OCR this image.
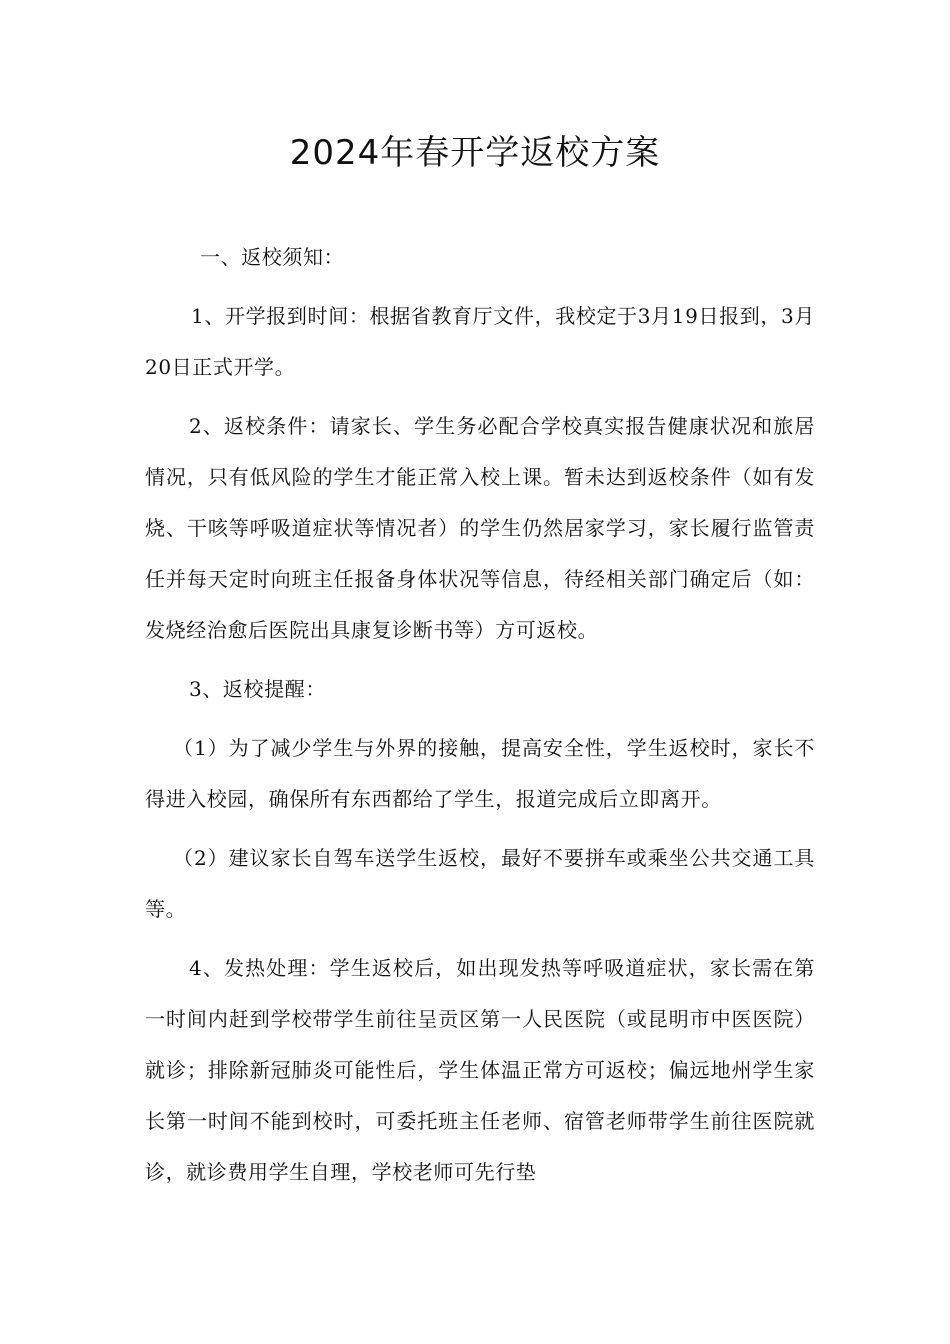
2024年春开学返校方案

一、返校须知：

1、开学报到时间：根据省教育厅文件，我校定于3月19日报到，3月20日正式开学。

2、返校条件：请家长、学生务必配合学校真实报告健康状况和旅居情况，只有低风险的学生才能正常入校上课。暂未达到返校条件（如有发烧、干咳等呼吸道症状等情况者）的学生仍然居家学习，家长履行监管责任并每天定时向班主任报备身体状况等信息，待经相关部门确定后（如：发烧经治愈后医院出具康复诊断书等）方可返校。

3、返校提醒：

（1）为了减少学生与外界的接触，提高安全性，学生返校时，家长不得进入校园，确保所有东西都给了学生，报道完成后立即离开。

（2）建议家长自驾车送学生返校，最好不要拼车或乘坐公共交通工具等。

4、发热处理：学生返校后，如出现发热等呼吸道症状，家长需在第一时间内赶到学校带学生前往呈贡区第一人民医院（或昆明市中医医院）就诊；排除新冠肺炎可能性后，学生体温正常方可返校；偏远地州学生家长第一时间不能到校时，可委托班主任老师、宿管老师带学生前往医院就诊，就诊费用学生自理，学校老师可先行垫
